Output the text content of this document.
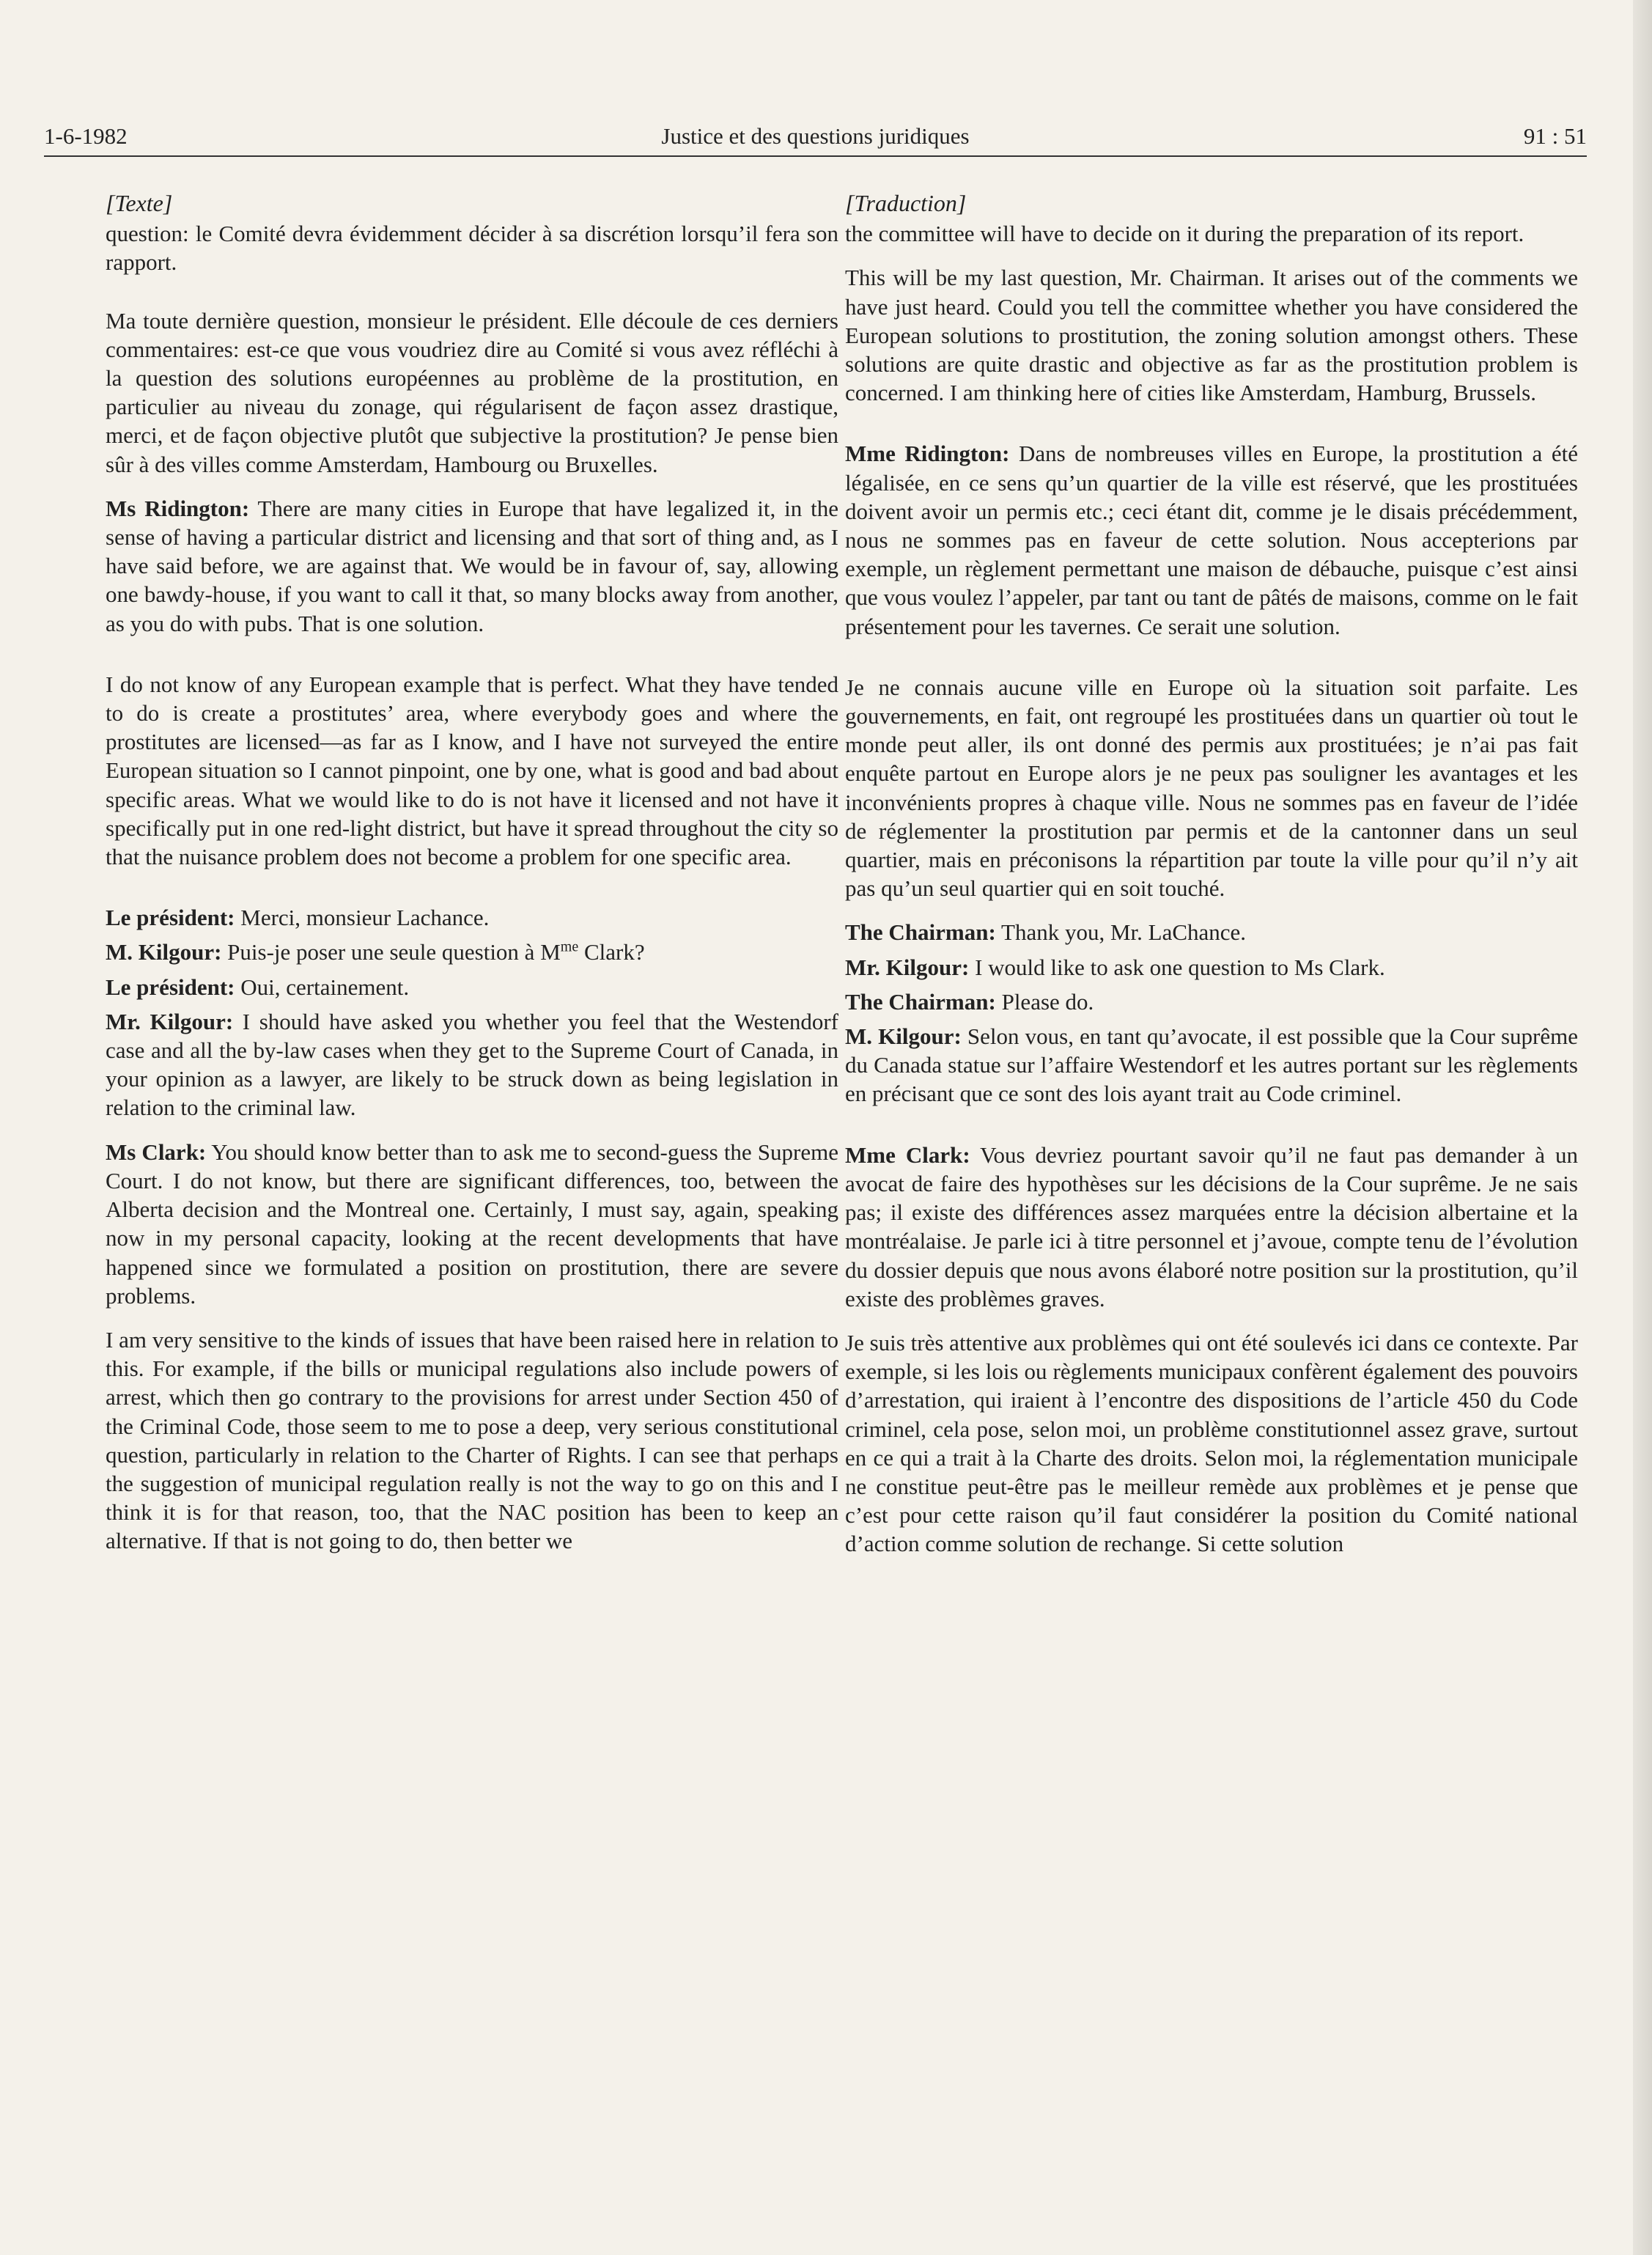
1-6-1982	Justice et des questions juridiques	91 : 51
[Texte]

question: le Comité devra évidemment décider à sa discrétion lorsqu’il fera son rapport.

Ma toute dernière question, monsieur le président. Elle découle de ces derniers commentaires: est-ce que vous voudriez dire au Comité si vous avez réfléchi à la question des solutions européennes au problème de la prostitution, en particulier au niveau du zonage, qui régularisent de façon assez drastique, merci, et de façon objective plutôt que subjective la prostitution? Je pense bien sûr à des villes comme Amsterdam, Hambourg ou Bruxelles.

Ms Ridington: There are many cities in Europe that have legalized it, in the sense of having a particular district and licensing and that sort of thing and, as I have said before, we are against that. We would be in favour of, say, allowing one bawdy-house, if you want to call it that, so many blocks away from another, as you do with pubs. That is one solution.

I do not know of any European example that is perfect. What they have tended to do is create a prostitutes’ area, where everybody goes and where the prostitutes are licensed—as far as I know, and I have not surveyed the entire European situation so I cannot pinpoint, one by one, what is good and bad about specific areas. What we would like to do is not have it licensed and not have it specifically put in one red-light district, but have it spread throughout the city so that the nuisance problem does not become a problem for one specific area.

Le président: Merci, monsieur Lachance.

M. Kilgour: Puis-je poser une seule question à $M^{me}$ Clark?

Le président: Oui, certainement.

Mr. Kilgour: I should have asked you whether you feel that the Westendorf case and all the by-law cases when they get to the Supreme Court of Canada, in your opinion as a lawyer, are likely to be struck down as being legislation in relation to the criminal law.

Ms Clark: You should know better than to ask me to second-guess the Supreme Court. I do not know, but there are significant differences, too, between the Alberta decision and the Montreal one. Certainly, I must say, again, speaking now in my personal capacity, looking at the recent developments that have happened since we formulated a position on prostitution, there are severe problems.

I am very sensitive to the kinds of issues that have been raised here in relation to this. For example, if the bills or municipal regulations also include powers of arrest, which then go contrary to the provisions for arrest under Section 450 of the Criminal Code, those seem to me to pose a deep, very serious constitutional question, particularly in relation to the Charter of Rights. I can see that perhaps the suggestion of municipal regulation really is not the way to go on this and I think it is for that reason, too, that the NAC position has been to keep an alternative. If that is not going to do, then better we

[Traduction]

the committee will have to decide on it during the preparation of its report.

This will be my last question, Mr. Chairman. It arises out of the comments we have just heard. Could you tell the committee whether you have considered the European solutions to prostitution, the zoning solution amongst others. These solutions are quite drastic and objective as far as the prostitution problem is concerned. I am thinking here of cities like Amsterdam, Hamburg, Brussels.

Mme Ridington: Dans de nombreuses villes en Europe, la prostitution a été légalisée, en ce sens qu’un quartier de la ville est réservé, que les prostituées doivent avoir un permis etc.; ceci étant dit, comme je le disais précédemment, nous ne sommes pas en faveur de cette solution. Nous accepterions par exemple, un règlement permettant une maison de débauche, puisque c’est ainsi que vous voulez l’appeler, par tant ou tant de pâtés de maisons, comme on le fait présentement pour les tavernes. Ce serait une solution.

Je ne connais aucune ville en Europe où la situation soit parfaite. Les gouvernements, en fait, ont regroupé les prostituées dans un quartier où tout le monde peut aller, ils ont donné des permis aux prostituées; je n’ai pas fait enquête partout en Europe alors je ne peux pas souligner les avantages et les inconvénients propres à chaque ville. Nous ne sommes pas en faveur de l’idée de réglementer la prostitution par permis et de la cantonner dans un seul quartier, mais en préconisons la répartition par toute la ville pour qu’il n’y ait pas qu’un seul quartier qui en soit touché.

The Chairman: Thank you, Mr. LaChance.

Mr. Kilgour: I would like to ask one question to Ms Clark.

The Chairman: Please do.

M. Kilgour: Selon vous, en tant qu’avocate, il est possible que la Cour suprême du Canada statue sur l’affaire Westendorf et les autres portant sur les règlements en précisant que ce sont des lois ayant trait au Code criminel.

Mme Clark: Vous devriez pourtant savoir qu’il ne faut pas demander à un avocat de faire des hypothèses sur les décisions de la Cour suprême. Je ne sais pas; il existe des différences assez marquées entre la décision albertaine et la montréalaise. Je parle ici à titre personnel et j’avoue, compte tenu de l’évolution du dossier depuis que nous avons élaboré notre position sur la prostitution, qu’il existe des problèmes graves.

Je suis très attentive aux problèmes qui ont été soulevés ici dans ce contexte. Par exemple, si les lois ou règlements municipaux confèrent également des pouvoirs d’arrestation, qui iraient à l’encontre des dispositions de l’article 450 du Code criminel, cela pose, selon moi, un problème constitutionnel assez grave, surtout en ce qui a trait à la Charte des droits. Selon moi, la réglementation municipale ne constitue peut-être pas le meilleur remède aux problèmes et je pense que c’est pour cette raison qu’il faut considérer la position du Comité national d’action comme solution de rechange. Si cette solution
